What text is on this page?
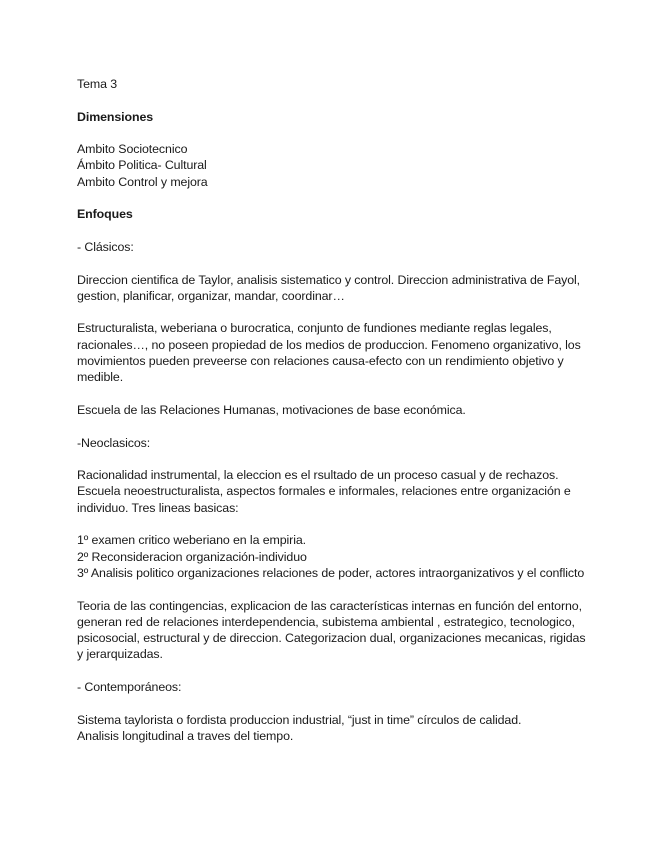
Tema 3
Dimensiones
Ambito Sociotecnico
Ámbito Politica- Cultural
Ambito Control y mejora
Enfoques
- Clásicos:
Direccion cientifica de Taylor, analisis sistematico y control. Direccion administrativa de Fayol,
gestion, planificar, organizar, mandar, coordinar…
Estructuralista, weberiana o burocratica, conjunto de fundiones mediante reglas legales,
racionales…, no poseen propiedad de los medios de produccion. Fenomeno organizativo, los
movimientos pueden preveerse con relaciones causa-efecto con un rendimiento objetivo y
medible.
Escuela de las Relaciones Humanas, motivaciones de base económica.
-Neoclasicos:
Racionalidad instrumental, la eleccion es el rsultado de un proceso casual y de rechazos.
Escuela neoestructuralista, aspectos formales e informales, relaciones entre organización e
individuo. Tres lineas basicas:
1º examen critico weberiano en la empiria.
2º Reconsideracion organización-individuo
3º Analisis politico organizaciones relaciones de poder, actores intraorganizativos y el conflicto
Teoria de las contingencias, explicacion de las características internas en función del entorno,
generan red de relaciones interdependencia, subistema ambiental , estrategico, tecnologico,
psicosocial, estructural y de direccion. Categorizacion dual, organizaciones mecanicas, rigidas
y jerarquizadas.
- Contemporáneos:
Sistema taylorista o fordista produccion industrial, “just in time” círculos de calidad.
Analisis longitudinal a traves del tiempo.
